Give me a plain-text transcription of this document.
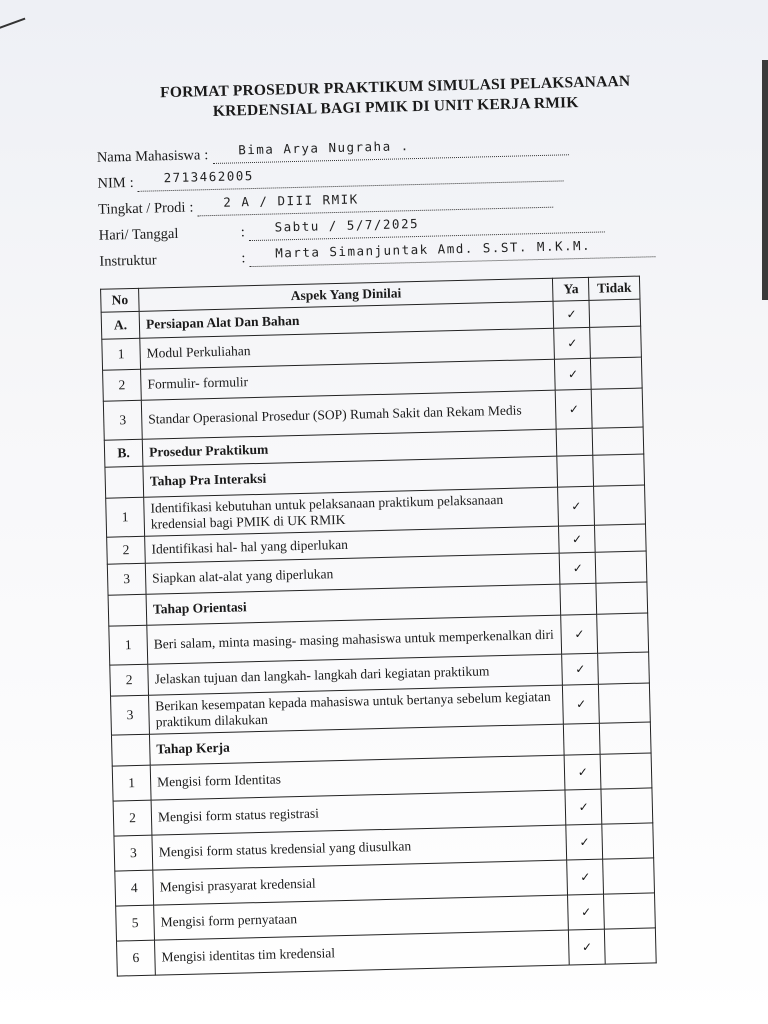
FORMAT PROSEDUR PRAKTIKUM SIMULASI PELAKSANAAN
KREDENSIAL BAGI PMIK DI UNIT KERJA RMIK
Nama Mahasiswa :	Bima Arya Nugraha .
NIM :	2713462005
Tingkat / Prodi :	2 A / DIII RMIK
Hari/ Tanggal	:	Sabtu / 5/7/2025
Instruktur	:	Marta Simanjuntak Amd. S.ST. M.K.M.
No	Aspek Yang Dinilai	Ya	Tidak
A.	Persiapan Alat Dan Bahan	✓	
1	Modul Perkuliahan	✓	
2	Formulir- formulir	✓	
3	Standar Operasional Prosedur (SOP) Rumah Sakit dan Rekam Medis	✓	
B.	Prosedur Praktikum		
	Tahap Pra Interaksi		
1	Identifikasi kebutuhan untuk pelaksanaan praktikum pelaksanaan kredensial bagi PMIK di UK RMIK	✓	
2	Identifikasi hal- hal yang diperlukan	✓	
3	Siapkan alat-alat yang diperlukan	✓	
	Tahap Orientasi		
1	Beri salam, minta masing- masing mahasiswa untuk memperkenalkan diri	✓	
2	Jelaskan tujuan dan langkah- langkah dari kegiatan praktikum	✓	
3	Berikan kesempatan kepada mahasiswa untuk bertanya sebelum kegiatan praktikum dilakukan	✓	
	Tahap Kerja		
1	Mengisi form Identitas	✓	
2	Mengisi form status registrasi	✓	
3	Mengisi form status kredensial yang diusulkan	✓	
4	Mengisi prasyarat kredensial	✓	
5	Mengisi form pernyataan	✓	
6	Mengisi identitas tim kredensial	✓	
